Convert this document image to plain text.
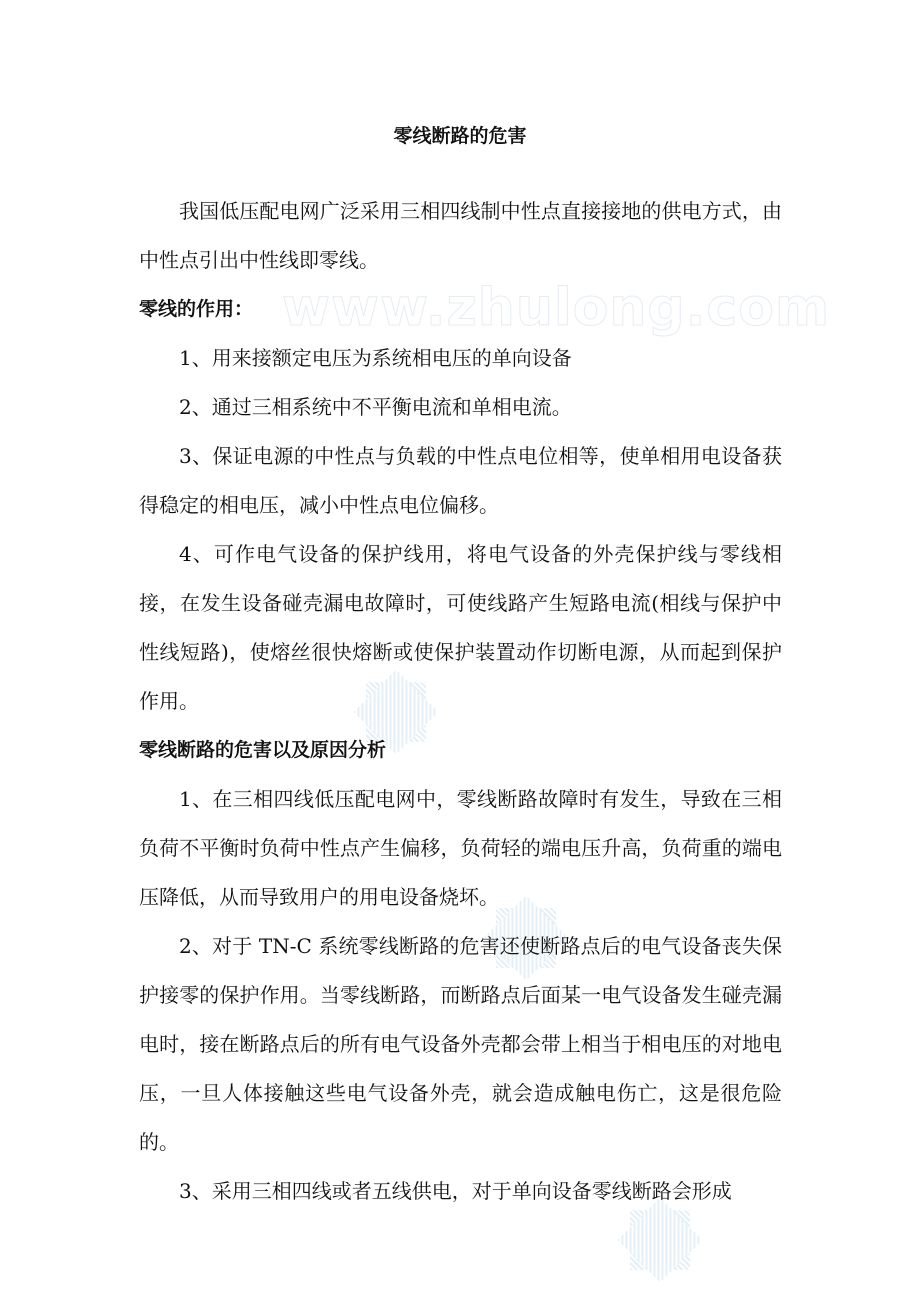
www.zhulong.com
零线断路的危害

我国低压配电网广泛采用三相四线制中性点直接接地的供电方式，由中性点引出中性线即零线。

零线的作用：

1、用来接额定电压为系统相电压的单向设备

2、通过三相系统中不平衡电流和单相电流。

3、保证电源的中性点与负载的中性点电位相等，使单相用电设备获得稳定的相电压，减小中性点电位偏移。

4、可作电气设备的保护线用，将电气设备的外壳保护线与零线相接，在发生设备碰壳漏电故障时，可使线路产生短路电流(相线与保护中性线短路)，使熔丝很快熔断或使保护装置动作切断电源，从而起到保护作用。

零线断路的危害以及原因分析

1、在三相四线低压配电网中，零线断路故障时有发生，导致在三相负荷不平衡时负荷中性点产生偏移，负荷轻的端电压升高，负荷重的端电压降低，从而导致用户的用电设备烧坏。

2、对于 TN-C 系统零线断路的危害还使断路点后的电气设备丧失保护接零的保护作用。当零线断路，而断路点后面某一电气设备发生碰壳漏电时，接在断路点后的所有电气设备外壳都会带上相当于相电压的对地电压，一旦人体接触这些电气设备外壳，就会造成触电伤亡，这是很危险的。

3、采用三相四线或者五线供电，对于单向设备零线断路会形成
